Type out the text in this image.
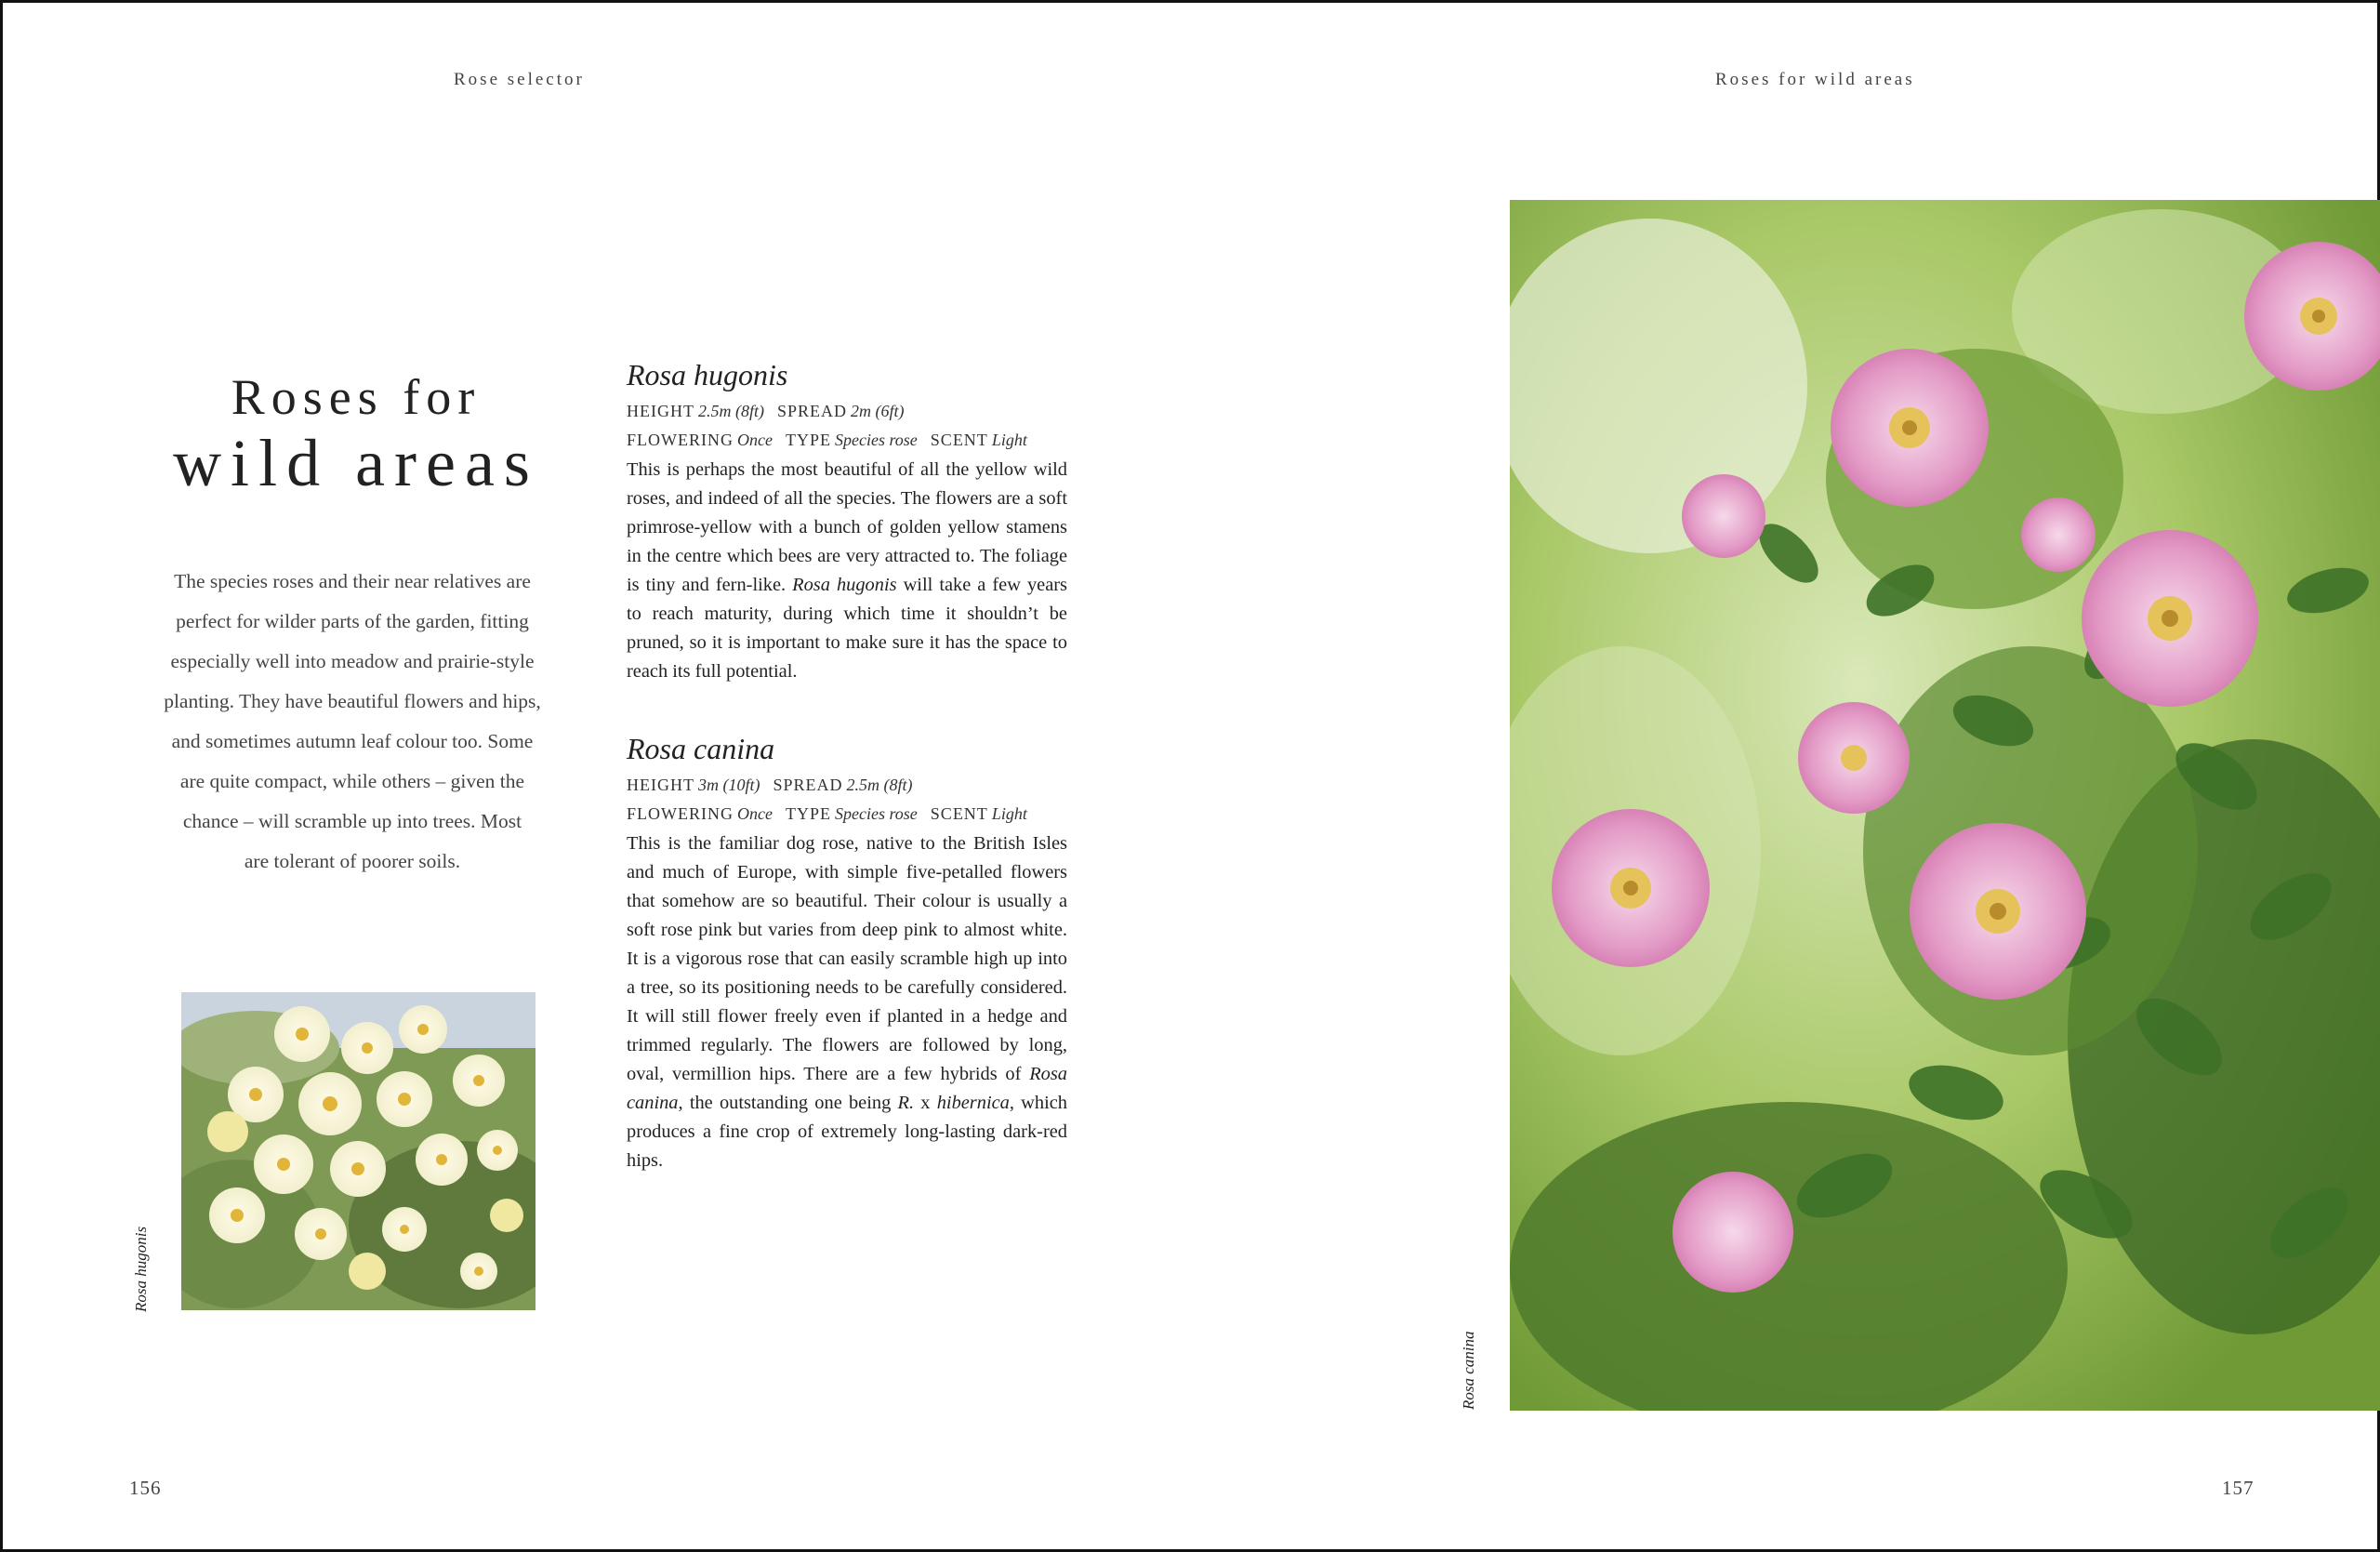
Rose selector
Roses for
wild areas
The species roses and their near relatives are
perfect for wilder parts of the garden, fitting
especially well into meadow and prairie-style
planting. They have beautiful flowers and hips,
and sometimes autumn leaf colour too. Some
are quite compact, while others – given the
chance – will scramble up into trees. Most
are tolerant of poorer soils.
Rosa hugonis
HEIGHT 2.5m (8ft) SPREAD 2m (6ft)
FLOWERING Once TYPE Species rose SCENT Light
This is perhaps the most beautiful of all the yellow wild roses, and indeed of all the species. The flowers are a soft primrose-yellow with a bunch of golden yellow stamens in the centre which bees are very attracted to. The foliage is tiny and fern-like. Rosa hugonis will take a few years to reach maturity, during which time it shouldn’t be pruned, so it is important to make sure it has the space to reach its full potential.
Rosa canina
HEIGHT 3m (10ft) SPREAD 2.5m (8ft)
FLOWERING Once TYPE Species rose SCENT Light
This is the familiar dog rose, native to the British Isles and much of Europe, with simple five-petalled flowers that somehow are so beautiful. Their colour is usually a soft rose pink but varies from deep pink to almost white. It is a vigorous rose that can easily scramble high up into a tree, so its positioning needs to be carefully considered. It will still flower freely even if planted in a hedge and trimmed regularly. The flowers are followed by long, oval, vermillion hips. There are a few hybrids of Rosa canina, the outstanding one being R. x hibernica, which produces a fine crop of extremely long-lasting dark-red hips.
Rosa hugonis
156
Roses for wild areas
Rosa canina
157
